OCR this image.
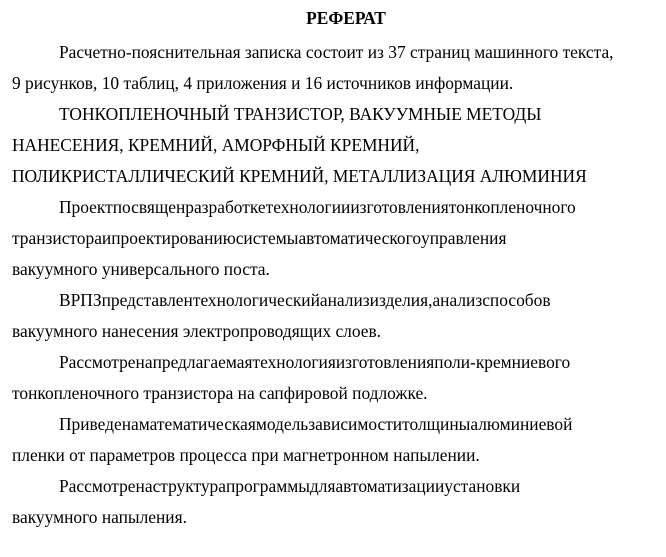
РЕФЕРАТ
Расчетно-пояснительная записка состоит из 37 страниц машинного текста,
9 рисунков, 10 таблиц, 4 приложения и 16 источников информации.
ТОНКОПЛЕНОЧНЫЙ ТРАНЗИСТОР, ВАКУУМНЫЕ МЕТОДЫ
НАНЕСЕНИЯ, КРЕМНИЙ, АМОРФНЫЙ КРЕМНИЙ,
ПОЛИКРИСТАЛЛИЧЕСКИЙ КРЕМНИЙ, МЕТАЛЛИЗАЦИЯ АЛЮМИНИЯ
Проектпосвященразработкетехнологииизготовлениятонкопленочного
транзистораипроектированиюсистемыавтоматическогоуправления
вакуумного универсального поста.
ВРПЗпредставлентехнологическийанализизделия,анализспособов
вакуумного нанесения электропроводящих слоев.
Рассмотренапредлагаемаятехнологияизготовленияполи-кремниевого
тонкопленочного транзистора на сапфировой подложке.
Приведенаматематическаямодельзависимоститолщиныалюминиевой
пленки от параметров процесса при магнетронном напылении.
Рассмотренаструктурапрограммыдляавтоматизацииустановки
вакуумного напыления.
